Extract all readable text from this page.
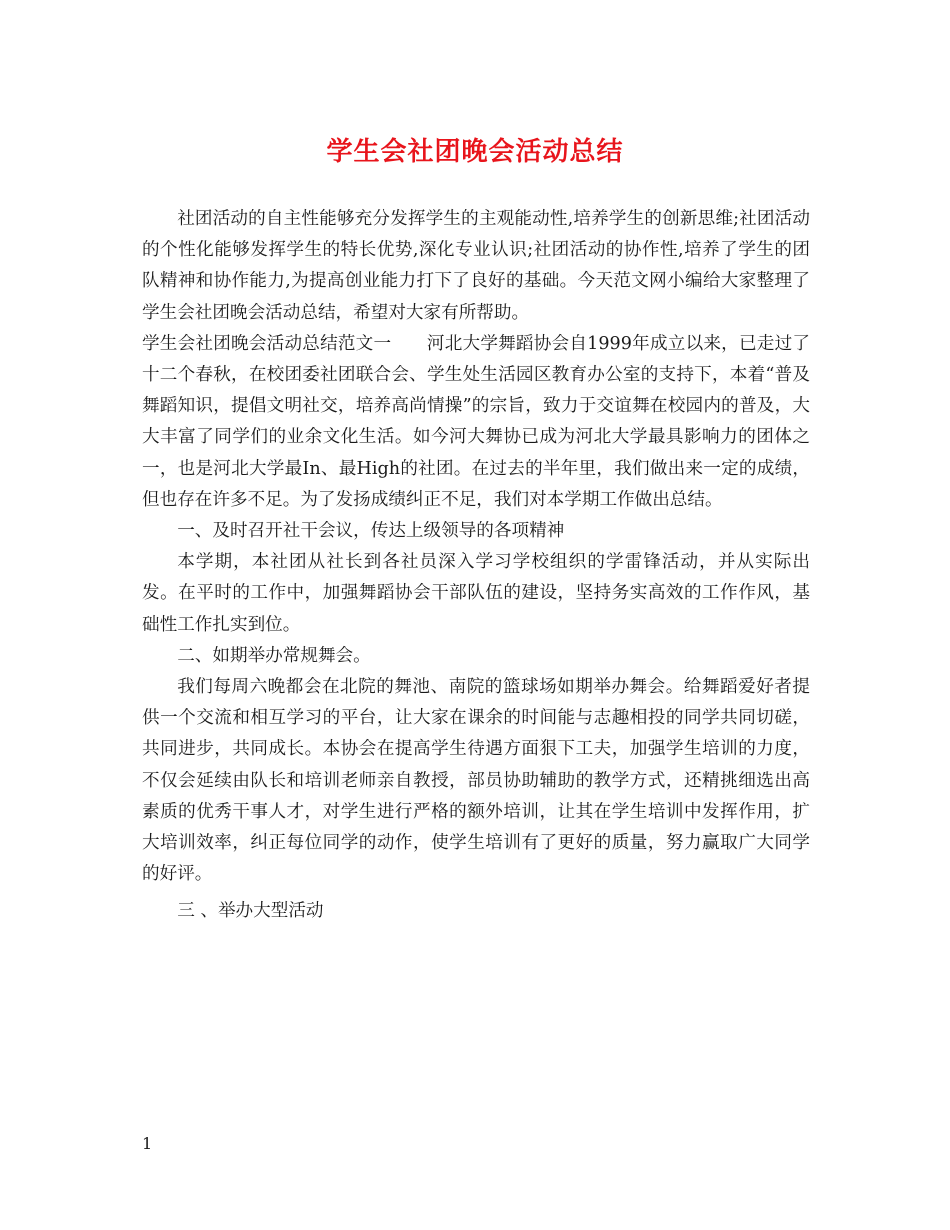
学生会社团晚会活动总结

社团活动的自主性能够充分发挥学生的主观能动性,培养学生的创新思维;社团活动的个性化能够发挥学生的特长优势,深化专业认识;社团活动的协作性,培养了学生的团队精神和协作能力,为提高创业能力打下了良好的基础。今天范文网小编给大家整理了学生会社团晚会活动总结，希望对大家有所帮助。

学生会社团晚会活动总结范文一　　河北大学舞蹈协会自1999年成立以来，已走过了十二个春秋，在校团委社团联合会、学生处生活园区教育办公室的支持下，本着“普及舞蹈知识，提倡文明社交，培养高尚情操”的宗旨，致力于交谊舞在校园内的普及，大大丰富了同学们的业余文化生活。如今河大舞协已成为河北大学最具影响力的团体之一，也是河北大学最In、最High的社团。在过去的半年里，我们做出来一定的成绩，但也存在许多不足。为了发扬成绩纠正不足，我们对本学期工作做出总结。

一、及时召开社干会议，传达上级领导的各项精神

本学期，本社团从社长到各社员深入学习学校组织的学雷锋活动，并从实际出发。在平时的工作中，加强舞蹈协会干部队伍的建设，坚持务实高效的工作作风，基础性工作扎实到位。

二、如期举办常规舞会。

我们每周六晚都会在北院的舞池、南院的篮球场如期举办舞会。给舞蹈爱好者提供一个交流和相互学习的平台，让大家在课余的时间能与志趣相投的同学共同切磋，共同进步，共同成长。本协会在提高学生待遇方面狠下工夫，加强学生培训的力度，不仅会延续由队长和培训老师亲自教授，部员协助辅助的教学方式，还精挑细选出高素质的优秀干事人才，对学生进行严格的额外培训，让其在学生培训中发挥作用，扩大培训效率，纠正每位同学的动作，使学生培训有了更好的质量，努力赢取广大同学的好评。

三 、举办大型活动

1
